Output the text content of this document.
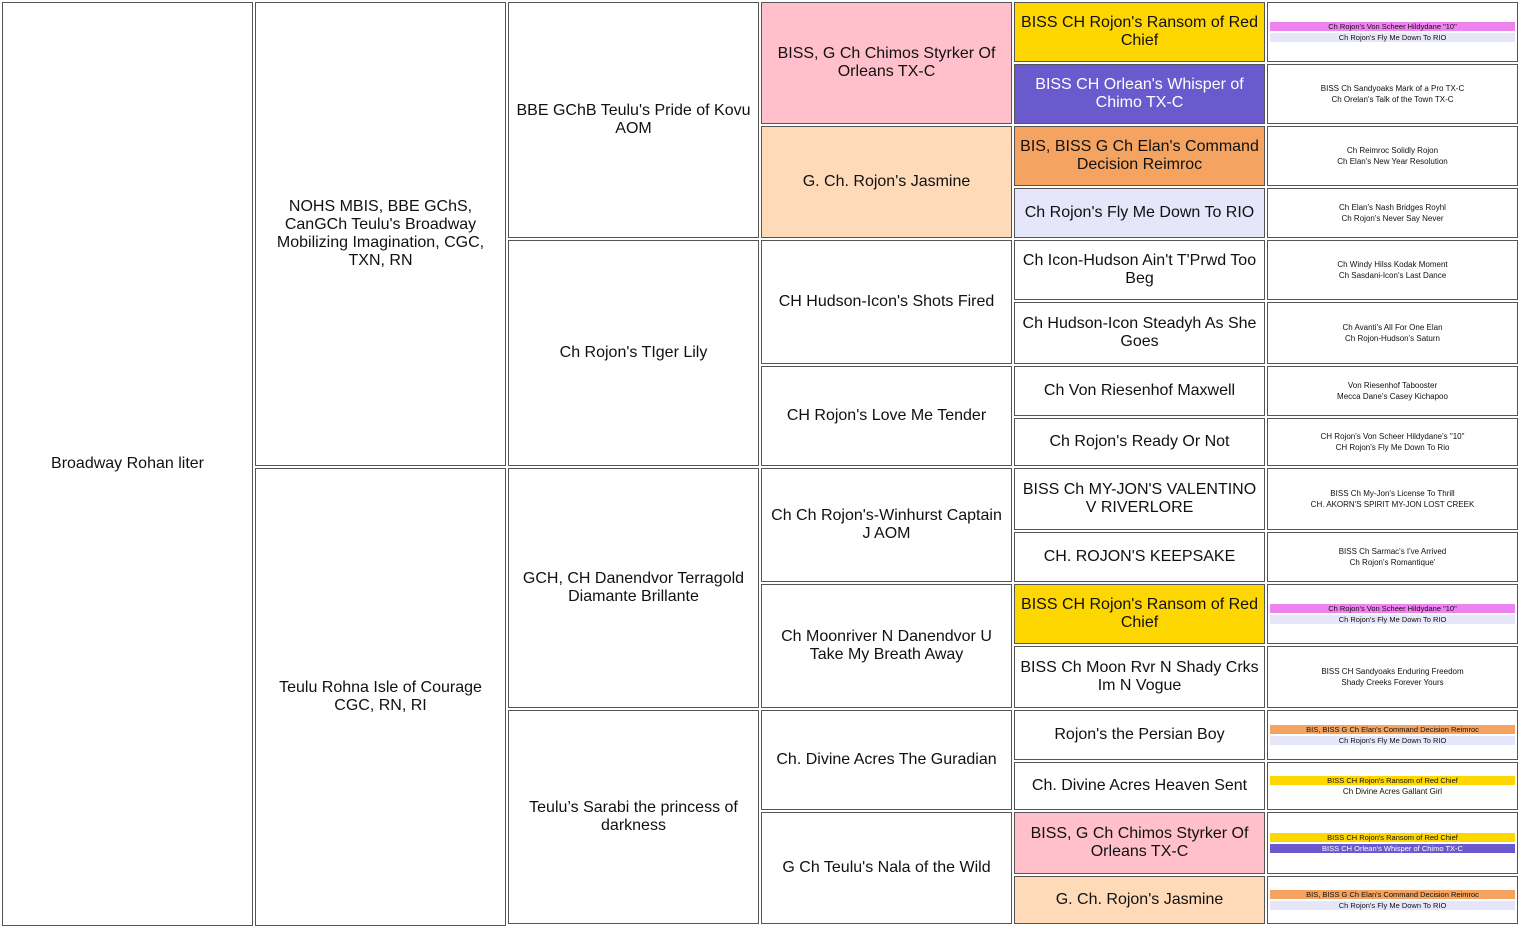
Broadway Rohan liter
NOHS MBIS, BBE GChS, CanGCh Teulu's Broadway Mobilizing Imagination, CGC, TXN, RN
Teulu Rohna Isle of Courage CGC, RN, RI
BBE GChB Teulu's Pride of Kovu AOM
Ch Rojon's TIger Lily
GCH, CH Danendvor Terragold Diamante Brillante
Teulu’s Sarabi the princess of darkness
BISS, G Ch Chimos Styrker Of Orleans TX-C
G. Ch. Rojon's Jasmine
CH Hudson-Icon's Shots Fired
CH Rojon's Love Me Tender
Ch Ch Rojon's-Winhurst Captain J AOM
Ch Moonriver N Danendvor U Take My Breath Away
Ch. Divine Acres The Guradian
G Ch Teulu's Nala of the Wild
BISS CH Rojon's Ransom of Red Chief
BISS CH Orlean's Whisper of Chimo TX-C
BIS, BISS G Ch Elan's Command Decision Reimroc
Ch Rojon's Fly Me Down To RIO
Ch Icon-Hudson Ain't T'Prwd Too Beg
Ch Hudson-Icon Steadyh As She Goes
Ch Von Riesenhof Maxwell
Ch Rojon's Ready Or Not
BISS Ch MY-JON'S VALENTINO V RIVERLORE
CH. ROJON'S KEEPSAKE
BISS CH Rojon's Ransom of Red Chief
BISS Ch Moon Rvr N Shady Crks Im N Vogue
Rojon's the Persian Boy
Ch. Divine Acres Heaven Sent
BISS, G Ch Chimos Styrker Of Orleans TX-C
G. Ch. Rojon's Jasmine
Ch Rojon's Von Scheer Hildydane "10"
Ch Rojon's Fly Me Down To RIO
BISS Ch Sandyoaks Mark of a Pro TX-C
Ch Orelan's Talk of the Town TX-C
Ch Reimroc Solidly Rojon
Ch Elan's New Year Resolution
Ch Elan's Nash Bridges Royhl
Ch Rojon's Never Say Never
Ch Windy Hilss Kodak Moment
Ch Sasdani-Icon's Last Dance
Ch Avanti's All For One Elan
Ch Rojon-Hudson's Saturn
Von Riesenhof Tabooster
Mecca Dane's Casey Kichapoo
CH Rojon's Von Scheer Hildydane's "10"
CH Rojon's Fly Me Down To Rio
BISS Ch My-Jon's License To Thrill
CH. AKORN'S SPIRIT MY-JON LOST CREEK
BISS Ch Sarmac's I've Arrived
Ch Rojon's Romantique'
Ch Rojon's Von Scheer Hildydane "10"
Ch Rojon's Fly Me Down To RIO
BISS CH Sandyoaks Enduring Freedom
Shady Creeks Forever Yours
BIS, BISS G Ch Elan's Command Decision Reimroc
Ch Rojon's Fly Me Down To RIO
BISS CH Rojon's Ransom of Red Chief
Ch Divine Acres Gallant Girl
BISS CH Rojon's Ransom of Red Chief
BISS CH Orlean's Whisper of Chimo TX-C
BIS, BISS G Ch Elan's Command Decision Reimroc
Ch Rojon's Fly Me Down To RIO
